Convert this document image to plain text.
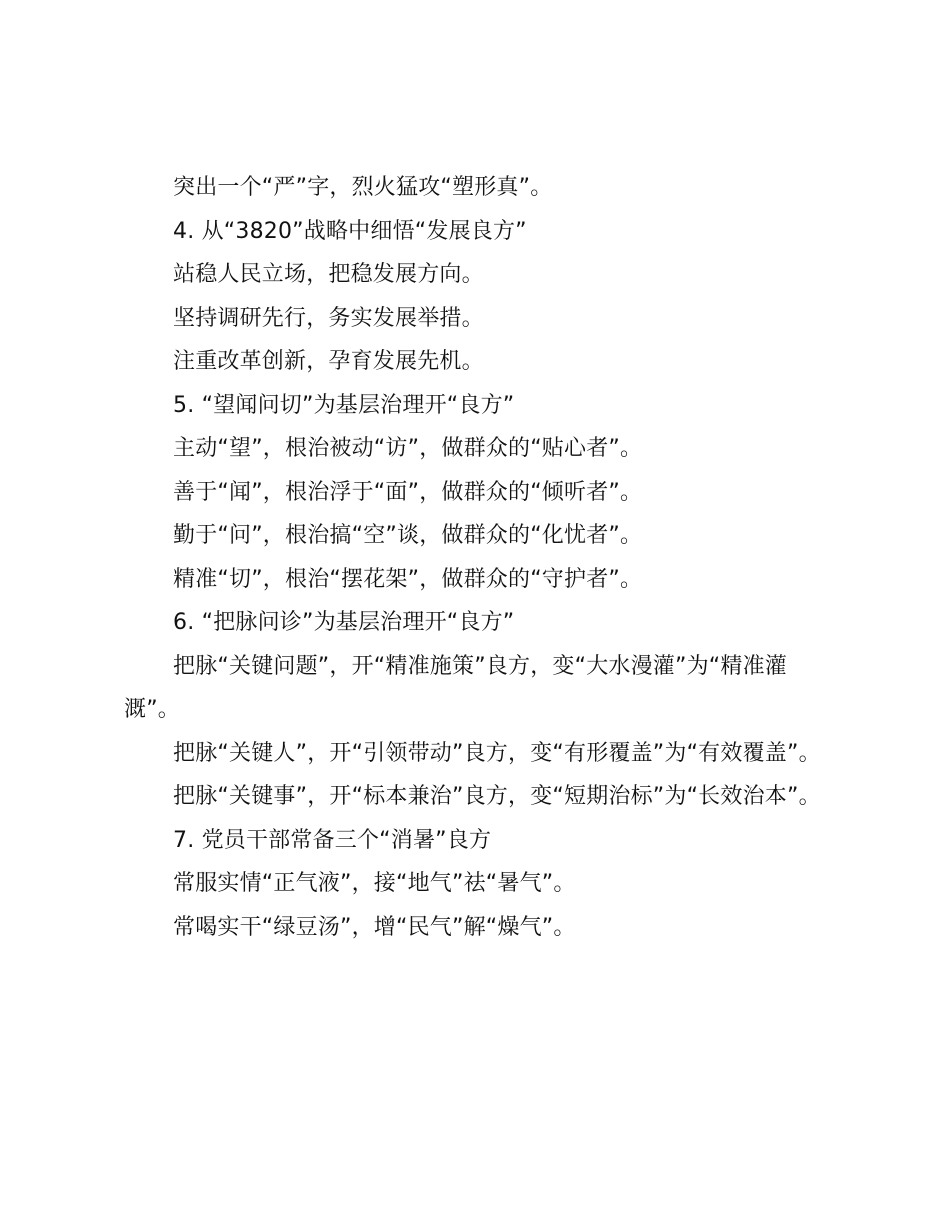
突出一个“严”字，烈火猛攻“塑形真”。

4. 从“3820”战略中细悟“发展良方”

站稳人民立场，把稳发展方向。

坚持调研先行，务实发展举措。

注重改革创新，孕育发展先机。

5. “望闻问切”为基层治理开“良方”

主动“望”，根治被动“访”，做群众的“贴心者”。

善于“闻”，根治浮于“面”，做群众的“倾听者”。

勤于“问”，根治搞“空”谈，做群众的“化忧者”。

精准“切”，根治“摆花架”，做群众的“守护者”。

6. “把脉问诊”为基层治理开“良方”

把脉“关键问题”，开“精准施策”良方，变“大水漫灌”为“精准灌溉”。

把脉“关键人”，开“引领带动”良方，变“有形覆盖”为“有效覆盖”。

把脉“关键事”，开“标本兼治”良方，变“短期治标”为“长效治本”。

7. 党员干部常备三个“消暑”良方

常服实情“正气液”，接“地气”祛“暑气”。

常喝实干“绿豆汤”，增“民气”解“燥气”。
